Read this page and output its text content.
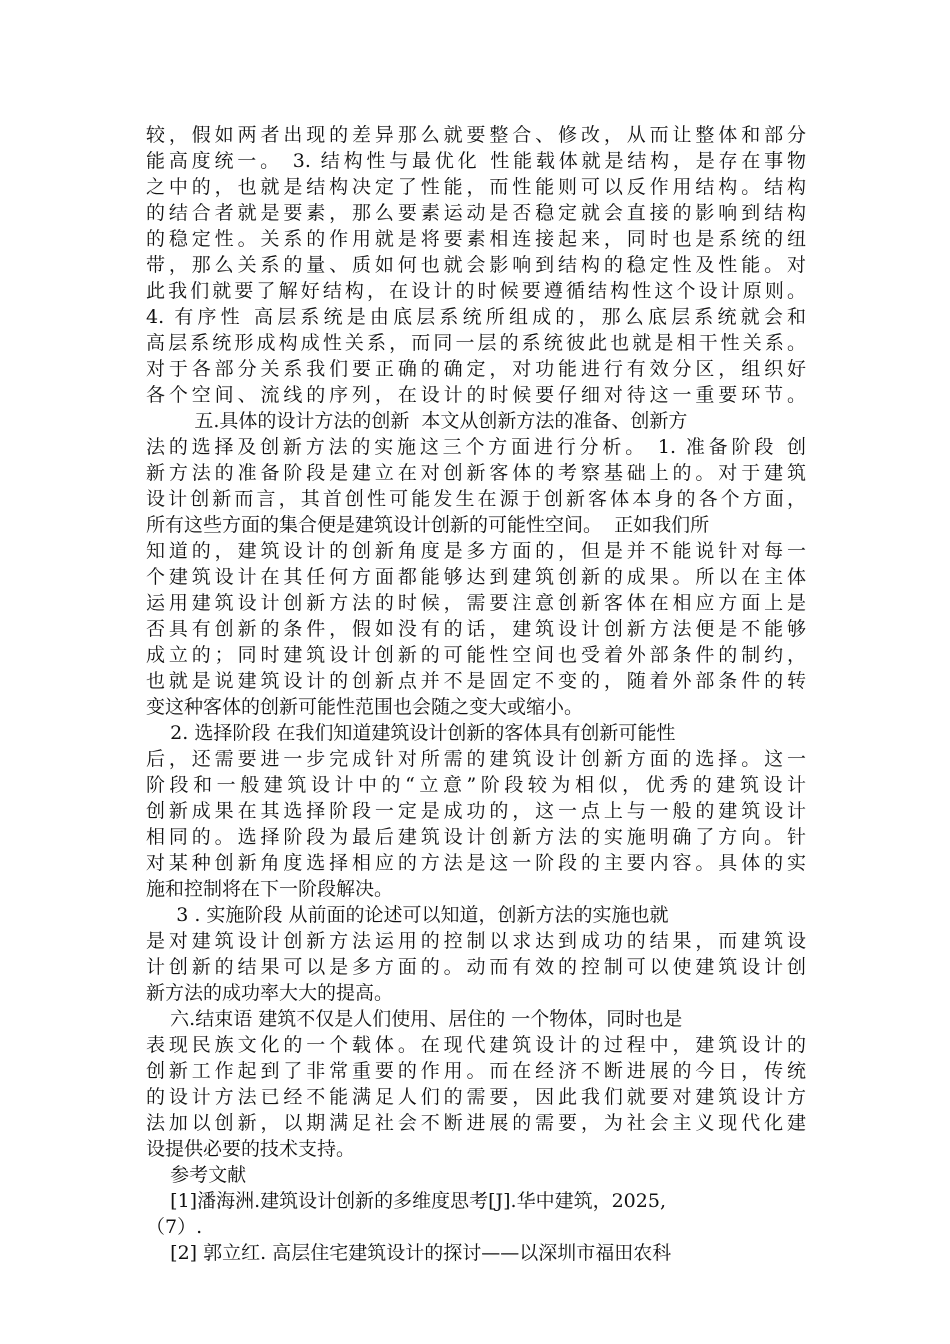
较，假如两者出现的差异那么就要整合、修改，从而让整体和部分
能高度统一。 3. 结构性与最优化 性能载体就是结构，是存在事物
之中的，也就是结构决定了性能，而性能则可以反作用结构。结构
的结合者就是要素，那么要素运动是否稳定就会直接的影响到结构
的稳定性。关系的作用就是将要素相连接起来，同时也是系统的纽
带，那么关系的量、质如何也就会影响到结构的稳定性及性能。对
此我们就要了解好结构，在设计的时候要遵循结构性这个设计原则。
4. 有序性 高层系统是由底层系统所组成的，那么底层系统就会和
高层系统形成构成性关系，而同一层的系统彼此也就是相干性关系。
对于各部分关系我们要正确的确定，对功能进行有效分区，组织好
各个空间、流线的序列，在设计的时候要仔细对待这一重要环节。
五.具体的设计方法的创新  本文从创新方法的准备、创新方
法的选择及创新方法的实施这三个方面进行分析。 1. 准备阶段 创
新方法的准备阶段是建立在对创新客体的考察基础上的。对于建筑
设计创新而言，其首创性可能发生在源于创新客体本身的各个方面，
所有这些方面的集合便是建筑设计创新的可能性空间。  正如我们所
知道的，建筑设计的创新角度是多方面的，但是并不能说针对每一
个建筑设计在其任何方面都能够达到建筑创新的成果。所以在主体
运用建筑设计创新方法的时候，需要注意创新客体在相应方面上是
否具有创新的条件，假如没有的话，建筑设计创新方法便是不能够
成立的；同时建筑设计创新的可能性空间也受着外部条件的制约，
也就是说建筑设计的创新点并不是固定不变的，随着外部条件的转
变这种客体的创新可能性范围也会随之变大或缩小。
2. 选择阶段 在我们知道建筑设计创新的客体具有创新可能性
后，还需要进一步完成针对所需的建筑设计创新方面的选择。这一
阶段和一般建筑设计中的“立意”阶段较为相似，优秀的建筑设计
创新成果在其选择阶段一定是成功的，这一点上与一般的建筑设计
相同的。选择阶段为最后建筑设计创新方法的实施明确了方向。针
对某种创新角度选择相应的方法是这一阶段的主要内容。具体的实
施和控制将在下一阶段解决。
3 . 实施阶段 从前面的论述可以知道，创新方法的实施也就
是对建筑设计创新方法运用的控制以求达到成功的结果，而建筑设
计创新的结果可以是多方面的。动而有效的控制可以使建筑设计创
新方法的成功率大大的提高。
六.结束语 建筑不仅是人们使用、居住的 一个物体，同时也是
表现民族文化的一个载体。在现代建筑设计的过程中，建筑设计的
创新工作起到了非常重要的作用。而在经济不断进展的今日，传统
的设计方法已经不能满足人们的需要，因此我们就要对建筑设计方
法加以创新，以期满足社会不断进展的需要，为社会主义现代化建
设提供必要的技术支持。
参考文献
[1]潘海洲.建筑设计创新的多维度思考[J].华中建筑，2025,
（7）.
[2] 郭立红. 高层住宅建筑设计的探讨——以深圳市福田农科
